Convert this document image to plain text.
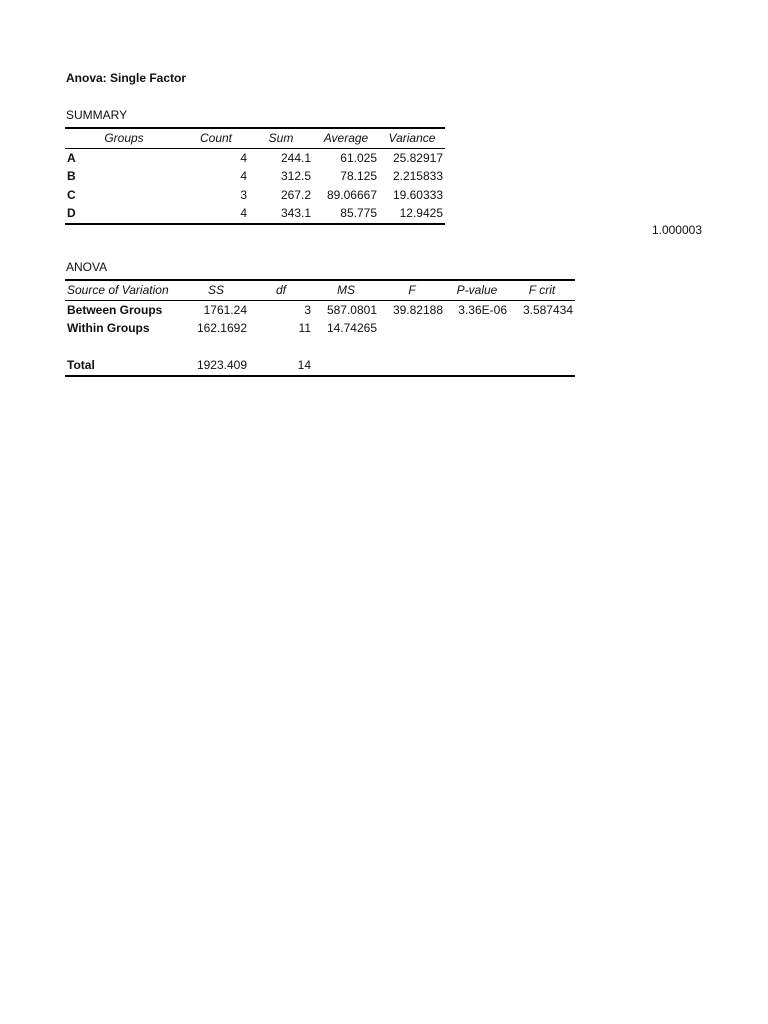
Anova: Single Factor
SUMMARY
Groups	Count	Sum	Average	Variance
A	4	244.1	61.025	25.82917
B	4	312.5	78.125	2.215833
C	3	267.2	89.06667	19.60333
D	4	343.1	85.775	12.9425
1.000003
ANOVA
Source of Variation	SS	df	MS	F	P-value	F crit
Between Groups	1761.24	3	587.0801	39.82188	3.36E-06	3.587434
Within Groups	162.1692	11	14.74265			

Total	1923.409	14				
